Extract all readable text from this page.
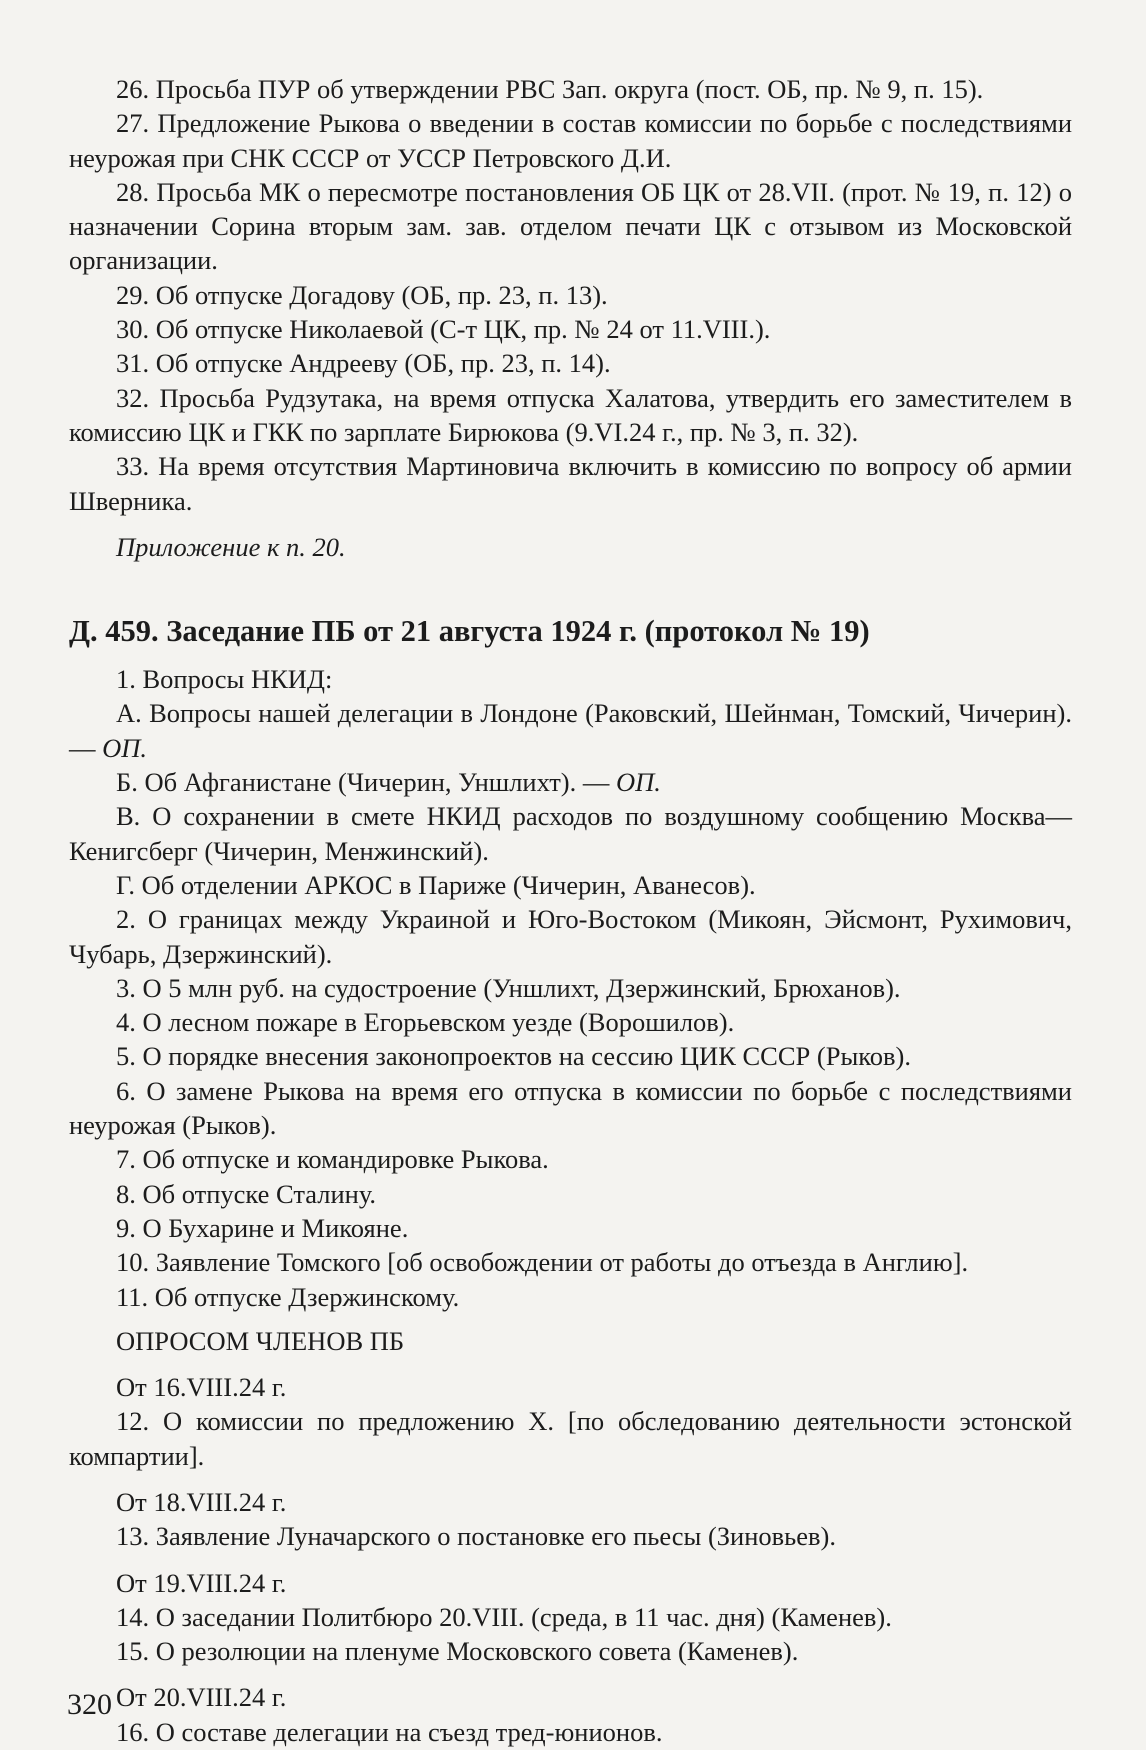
26. Просьба ПУР об утверждении РВС Зап. округа (пост. ОБ, пр. № 9, п. 15).

27. Предложение Рыкова о введении в состав комиссии по борьбе с последствиями неурожая при СНК СССР от УССР Петровского Д.И.

28. Просьба МК о пересмотре постановления ОБ ЦК от 28.VII. (прот. № 19, п. 12) о назначении Сорина вторым зам. зав. отделом печати ЦК с отзывом из Московской организации.

29. Об отпуске Догадову (ОБ, пр. 23, п. 13).

30. Об отпуске Николаевой (С-т ЦК, пр. № 24 от 11.VIII.).

31. Об отпуске Андрееву (ОБ, пр. 23, п. 14).

32. Просьба Рудзутака, на время отпуска Халатова, утвердить его заместителем в комиссию ЦК и ГКК по зарплате Бирюкова (9.VI.24 г., пр. № 3, п. 32).

33. На время отсутствия Мартиновича включить в комиссию по вопросу об армии Шверника.

Приложение к п. 20.

Д. 459. Заседание ПБ от 21 августа 1924 г. (протокол № 19)

1. Вопросы НКИД:

А. Вопросы нашей делегации в Лондоне (Раковский, Шейнман, Томский, Чичерин). — ОП.

Б. Об Афганистане (Чичерин, Уншлихт). — ОП.

В. О сохранении в смете НКИД расходов по воздушному сообщению Москва—Кенигсберг (Чичерин, Менжинский).

Г. Об отделении АРКОС в Париже (Чичерин, Аванесов).

2. О границах между Украиной и Юго-Востоком (Микоян, Эйсмонт, Рухимович, Чубарь, Дзержинский).

3. О 5 млн руб. на судостроение (Уншлихт, Дзержинский, Брюханов).

4. О лесном пожаре в Егорьевском уезде (Ворошилов).

5. О порядке внесения законопроектов на сессию ЦИК СССР (Рыков).

6. О замене Рыкова на время его отпуска в комиссии по борьбе с последствиями неурожая (Рыков).

7. Об отпуске и командировке Рыкова.

8. Об отпуске Сталину.

9. О Бухарине и Микояне.

10. Заявление Томского [об освобождении от работы до отъезда в Англию].

11. Об отпуске Дзержинскому.

ОПРОСОМ ЧЛЕНОВ ПБ

От 16.VIII.24 г.

12. О комиссии по предложению Х. [по обследованию деятельности эстонской компартии].

От 18.VIII.24 г.

13. Заявление Луначарского о постановке его пьесы (Зиновьев).

От 19.VIII.24 г.

14. О заседании Политбюро 20.VIII. (среда, в 11 час. дня) (Каменев).

15. О резолюции на пленуме Московского совета (Каменев).

От 20.VIII.24 г.

16. О составе делегации на съезд тред-юнионов.

320
